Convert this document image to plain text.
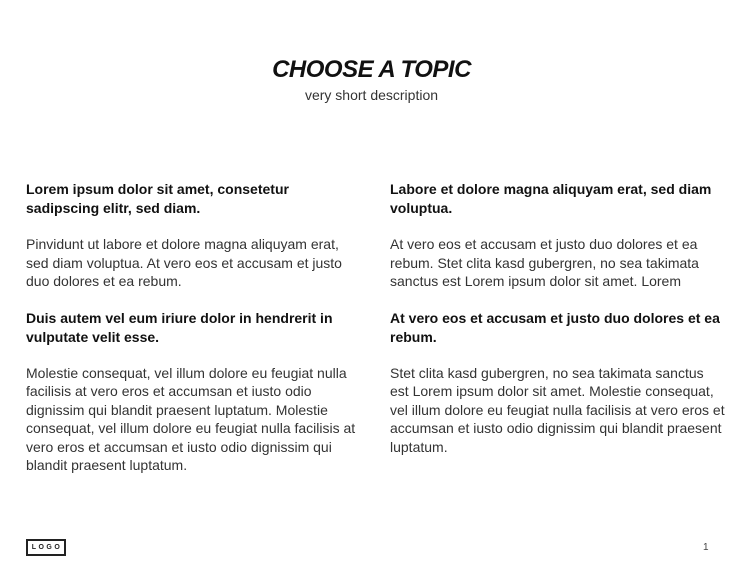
CHOOSE A TOPIC
very short description

Lorem ipsum dolor sit amet, consetetur sadipscing elitr, sed diam.

Pinvidunt ut labore et dolore magna aliquyam erat, sed diam voluptua. At vero eos et accusam et justo duo dolores et ea rebum.

Duis autem vel eum iriure dolor in hendrerit in vulputate velit esse.

Molestie consequat, vel illum dolore eu feugiat nulla facilisis at vero eros et accumsan et iusto odio dignissim qui blandit praesent luptatum. Molestie consequat, vel illum dolore eu feugiat nulla facilisis at vero eros et accumsan et iusto odio dignissim qui blandit praesent luptatum.

Labore et dolore magna aliquyam erat, sed diam voluptua.

At vero eos et accusam et justo duo dolores et ea rebum. Stet clita kasd gubergren, no sea takimata sanctus est Lorem ipsum dolor sit amet. Lorem

At vero eos et accusam et justo duo dolores et ea rebum.

Stet clita kasd gubergren, no sea takimata sanctus est Lorem ipsum dolor sit amet. Molestie consequat, vel illum dolore eu feugiat nulla facilisis at vero eros et accumsan et iusto odio dignissim qui blandit praesent luptatum.

LOGO	1
